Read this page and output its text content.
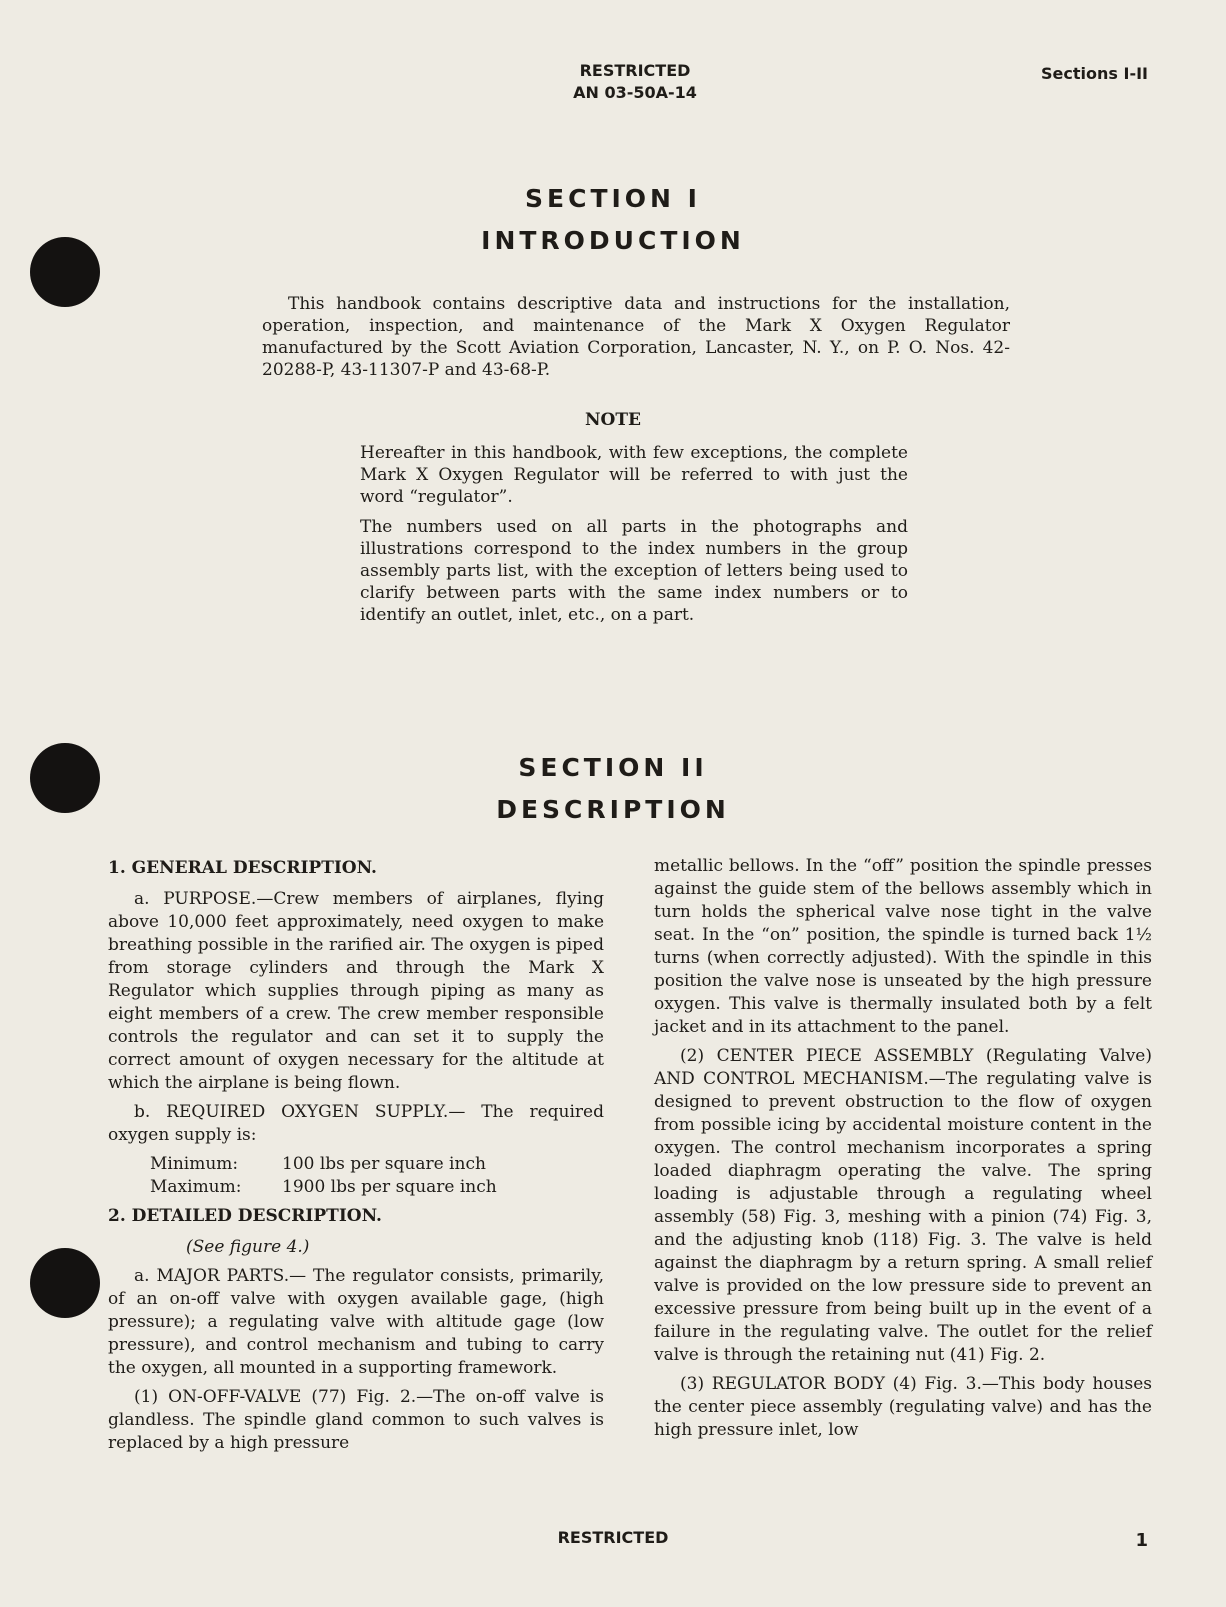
RESTRICTED
AN 03-50A-14
Sections I-II
SECTION I
INTRODUCTION

This handbook contains descriptive data and instructions for the installation, operation, inspection, and maintenance of the Mark X Oxygen Regulator manufactured by the Scott Aviation Corporation, Lancaster, N. Y., on P. O. Nos. 42-20288-P, 43-11307-P and 43-68-P.

NOTE

Hereafter in this handbook, with few exceptions, the complete Mark X Oxygen Regulator will be referred to with just the word “regulator”.

The numbers used on all parts in the photographs and illustrations correspond to the index numbers in the group assembly parts list, with the exception of letters being used to clarify between parts with the same index numbers or to identify an outlet, inlet, etc., on a part.

SECTION II
DESCRIPTION

1. GENERAL DESCRIPTION.

a. PURPOSE.—Crew members of airplanes, flying above 10,000 feet approximately, need oxygen to make breathing possible in the rarified air. The oxygen is piped from storage cylinders and through the Mark X Regulator which supplies through piping as many as eight members of a crew. The crew member responsible controls the regulator and can set it to supply the correct amount of oxygen necessary for the altitude at which the airplane is being flown.

b. REQUIRED OXYGEN SUPPLY.— The required oxygen supply is:

Minimum:	100 lbs per square inch
Maximum:	1900 lbs per square inch

2. DETAILED DESCRIPTION.

(See figure 4.)

a. MAJOR PARTS.— The regulator consists, primarily, of an on-off valve with oxygen available gage, (high pressure); a regulating valve with altitude gage (low pressure), and control mechanism and tubing to carry the oxygen, all mounted in a supporting framework.

(1) ON-OFF-VALVE (77) Fig. 2.—The on-off valve is glandless. The spindle gland common to such valves is replaced by a high pressure

metallic bellows. In the “off” position the spindle presses against the guide stem of the bellows assembly which in turn holds the spherical valve nose tight in the valve seat. In the “on” position, the spindle is turned back 1½ turns (when correctly adjusted). With the spindle in this position the valve nose is unseated by the high pressure oxygen. This valve is thermally insulated both by a felt jacket and in its attachment to the panel.

(2) CENTER PIECE ASSEMBLY (Regulating Valve) AND CONTROL MECHANISM.—The regulating valve is designed to prevent obstruction to the flow of oxygen from possible icing by accidental moisture content in the oxygen. The control mechanism incorporates a spring loaded diaphragm operating the valve. The spring loading is adjustable through a regulating wheel assembly (58) Fig. 3, meshing with a pinion (74) Fig. 3, and the adjusting knob (118) Fig. 3. The valve is held against the diaphragm by a return spring. A small relief valve is provided on the low pressure side to prevent an excessive pressure from being built up in the event of a failure in the regulating valve. The outlet for the relief valve is through the retaining nut (41) Fig. 2.

(3) REGULATOR BODY (4) Fig. 3.—This body houses the center piece assembly (regulating valve) and has the high pressure inlet, low

RESTRICTED	1
